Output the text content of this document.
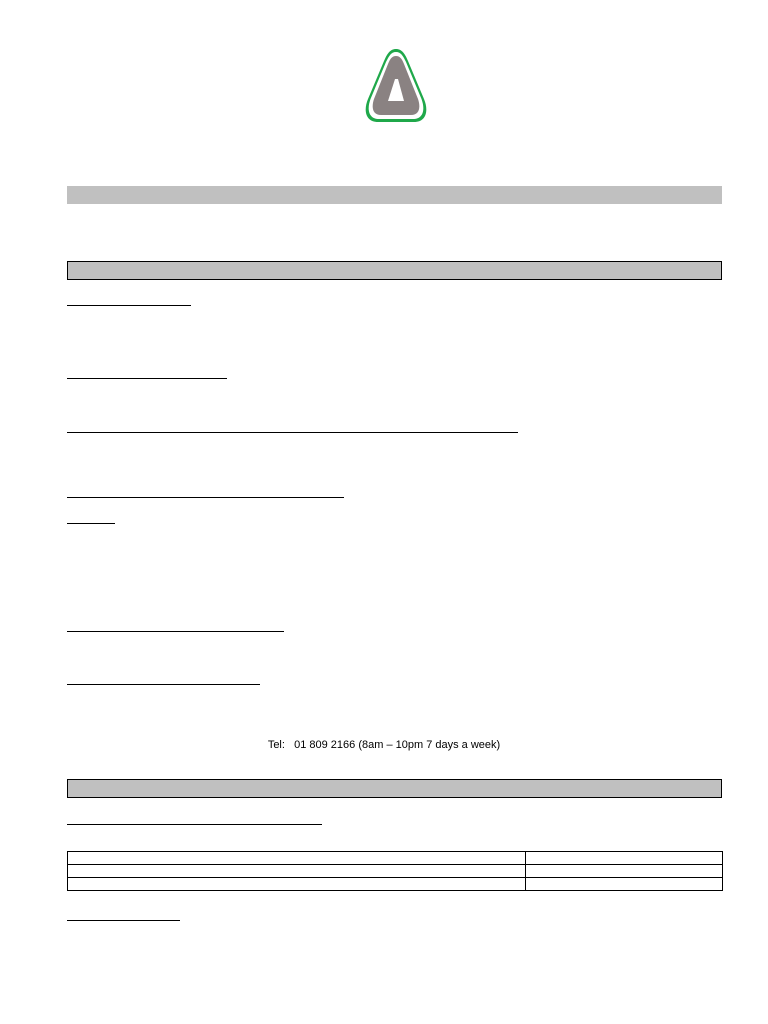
Tel: 01 809 2166 (8am – 10pm 7 days a week)
